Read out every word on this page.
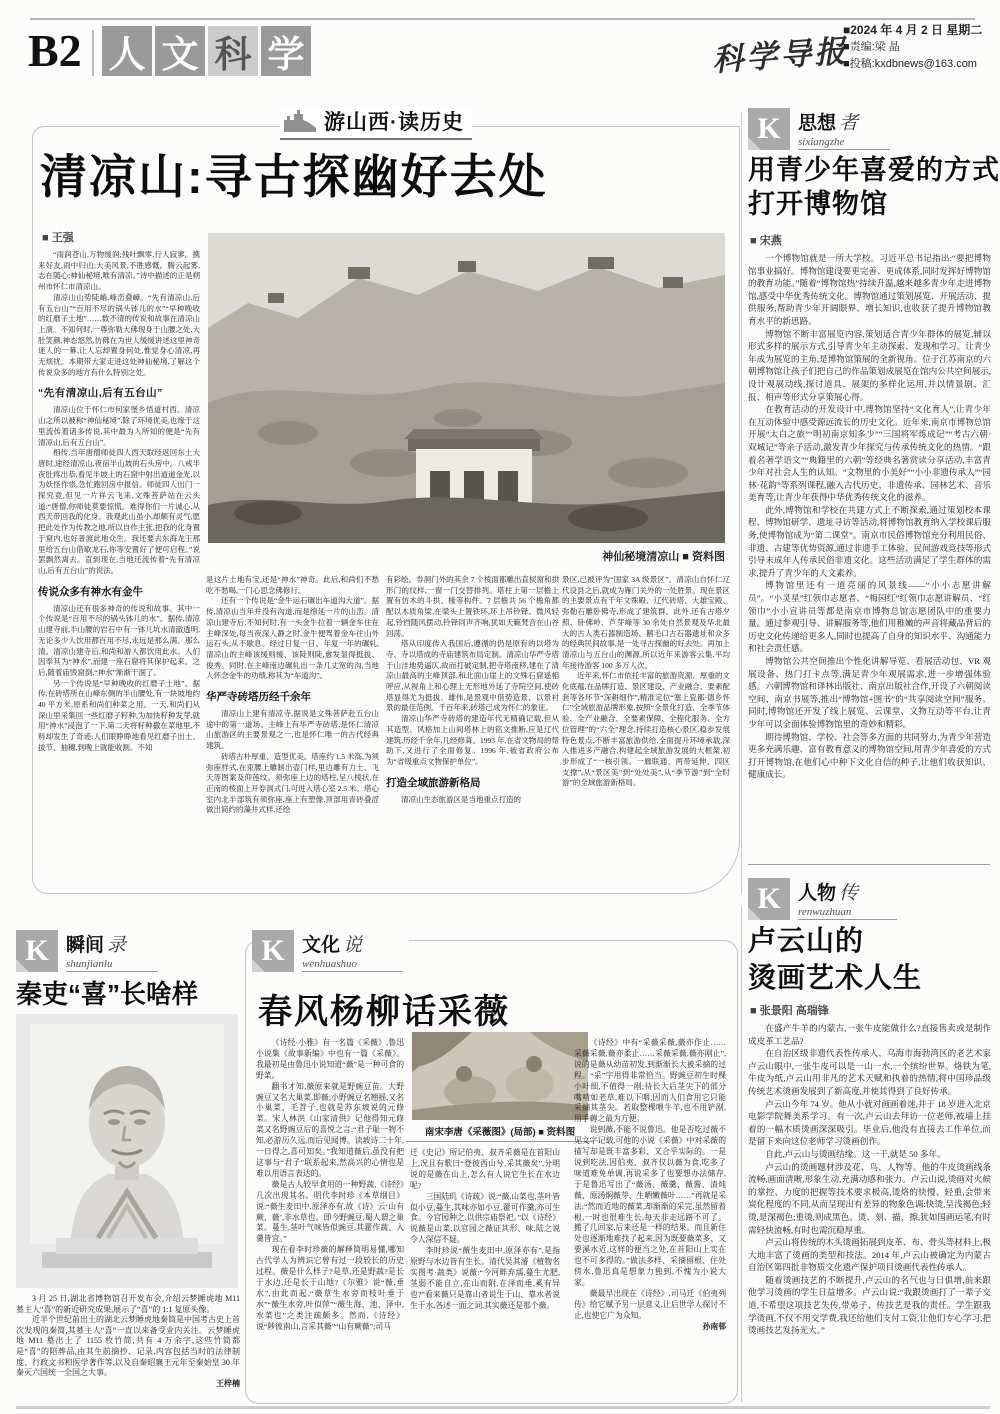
B2 人 文 科 学	科学导报
■2024 年 4 月 2 日 星期二
■责编:梁 晶
■投稿:kxdbnews@163.com
游山西·读历史
清凉山:寻古探幽好去处
■ 王强
神仙秘境清凉山 ■ 资料图

“雨润苍山,万物缓润;残叶飘零,行人寂寥。携来好友,雨中归山;大美风景,不胜感慨。腾云起雾,志在随心;神仙秘境,唯有清凉。”诗中描述的正是朔州市怀仁市清凉山。

清凉山山势陡峭,峰峦叠嶂。“先有清凉山,后有五台山”“百用不尽的锅头钵儿的水”“早种晚收的红磨子土地”……数不清的传说和故事在清凉山上演。不知何时,一尊弥勒大佛现身于山腰之处,大肚笑颜,神态悠然,仿佛在为世人缓缓讲述这里神奇迷人的一幕,让人忘却置身何处,惟觉身心清凉,再无烦扰。本期带大家走进这处神仙秘境,了解这个传说众多的地方有什么特别之处。

“先有清凉山,后有五台山”

清凉山位于怀仁市何家堡乡悟道村西。清凉山之所以被称“神仙秘境”,除了环境优美,也缘于这里流传着诸多传说,其中最为人所知的便是“先有清凉山,后有五台山”。

相传,当年唐僧师徒四人西天取经返回东土大唐时,途经清凉山,夜宿半山坡的石头房中。八戒半夜肚疼出恭,看见半坡上的石窟中射出道道金光,以为妖怪作祟,急忙跑回房中报信。师徒四人出门一探究竟,但见一片祥云飞来,文殊菩萨站在云头道:“唐僧,你师徒莫要惊慌。难得你们一片诚心,从西天带回我的化身。我观此山虽小,却颇有灵气,愿把此处作为传教之地,所以自作主张,把我的化身置于窟内,也好普渡此地众生。我还要去东海龙王那里给五台山借歇龙石,你等安置好了便可启程。”说罢飘然离去。直到现在,当地还流传着“先有清凉山,后有五台山”的说法。

传说众多有神水有金牛

清凉山还有很多神奇的传说和故事。其中一个传说是“百用不尽的锅头钵儿的水”。据传,清凉山建寺前,半山腰的岩石中有一钵儿坑水清澈透明,无论多少人饮用都百用不尽,永远是那么满、那么清。清凉山建寺后,和尚和游人都饮用此水。人们因奉其为“神水”,而建一座石窟将其保护起来。之后,随着庙毁窟倒,“神水”渐渐干涸了。

另一个传说是“早种晚收的红磨子土地”。据传,在砖塔所在山峰东侧的半山腰处,有一块坡地约 40 平方米,原系和尚们种菜之用。一天,和尚们从深山里采集回一些红磨子籽种,为加快籽种发芽,就用“神水”浸泡了一下,第二天将籽种撒在菜地里,不料却发生了奇迹:人们眼睁睁地看见红磨子出土、拔节、抽穗,到晚上就能收割。不知

是这片土地有宝,还是“神水”神奇。此后,和尚们不愁吃不愁喝,一门心思念佛修行。

还有一个传说是“金牛运石碾出车道沟大道”。据传,清凉山当年并没有沟道,而是绵延一片的山峦。清凉山建寺后,不知何时,有一头金牛拉着一辆金车住在主峰深处,每当夜深人静之时,金牛便驾着金车往山外运石头,从不歇息。经过日复一日、年复一年的碾轧,清凉山的主峰该缓则缓、该陡则陡,愈发显得挺拔、俊秀。同时,在主峰南边碾轧出一条几丈宽的沟,当地人怀念金牛的功绩,称其为“车道沟”。

华严寺砖塔历经千余年

清凉山上建有清凉寺,据说是文殊菩萨赴五台山途中的第一道场。主峰上有华严寺砖塔,是怀仁清凉山旅游区的主要景观之一,也是怀仁唯一的古代经典建筑。

砖塔古朴厚重、造型优美。塔座约 1.5 米高,为须弥座样式,在束腰上雕制出壶门样,里边雕有力士、飞天等图案及仰莲纹。须弥座上边的塔柱,呈八棱状,在正南的棱面上开券洞式门,可进入塔心室 2.5 米。塔心室内北半部筑有须弥座,座上有塑像,顶部用青砖叠涩做出简约的藻井式样,还绘

有彩绘。券洞门外的其余 7 个棱面都雕出直棂窗和拱形门的纹样,一窗一门交替排列。塔柱上第一层檐上置有仿木的斗拱、椽等构件。7 层檐共 56 个檐角都配以木质角梁,在梁头上置铁环,环上吊铃铎。微风轻起,铃铛随风摆动,铃铎同声齐响,犹如天籁梵音在山谷回荡。

塔从印度传入我国后,遵循的仍是原有的以塔为寺、寺以塔成的寺庙建筑布局定制。清凉山华严寺塔于山洼地势逼仄,故而打破定制,把寺塔南移,建在了清凉山最高的主峰顶部,和北面山崖上的文殊石窟遥相呼应,从视角上和心理上无形地外延了寺院空间,使砖塔显得尤为挺拔、雄伟,是景观中借势造景、以景衬景的最佳范例。千百年来,砖塔已成为怀仁的象征。

清凉山华严寺砖塔的建造年代无精确记载,但从其造型、风格加上山间塔林上的铭文推断,应是辽代建筑,历经千余年,几经修葺。1993 年,在省文物局的帮助下,又进行了全面修复。1996 年,被省政府公布为“省级重点文物保护单位”。

打造全域旅游新格局

清凉山生态旅游区是当地重点打造的

景区,已被评为“国家 3A 级景区”。清凉山自怀仁辽代设县之后,就成为雁门关外的一处胜景。现在景区的主要景点有千年文殊殿、辽代砖塔、大雄宝殿、弥勒石雕卧佛寺,形成了建筑群。此外,还有古塔夕照、卧佛岭、芦芽峰等 30 余处自然景观及华北最大的古人类石器制造场、鹅毛口古石器遗址和众多的经典民间故事,是一处寻古探幽的好去处。再加上清凉山与五台山的渊源,所以近年来游客云集,平均年接待游客 100 多万人次。

近年来,怀仁市依托丰富的旅游资源、厚重的文化底蕴,在品牌打造、景区建设、产业融合、要素配套等各环节“深耕细作”,精准定位“塞上瓷都·德乡怀仁”全域旅游品牌形象,按照“全景化打造、全季节体验、全产业融合、全要素保障、全程化服务、全方位管理”的“六全”理念,持续打造核心景区,稳步发展特色景点,不断丰富旅游供给,全面提升环境承载,深入推进多产融合,构建起全域旅游发展的大框架,初步形成了“一核引领、一廊联通、两带延伸、四区支撑”,从“景区美”到“处处美”,从“季节游”到“全时游”的全域旅游新格局。

K 思想 者
sixiangzhe
用青少年喜爱的方式
打开博物馆
■ 宋燕

一个博物馆就是一所大学校。习近平总书记指出:“要把博物馆事业搞好。博物馆建设要更完善、更成体系,同时发挥好博物馆的教育功能。”随着“博物馆热”持续升温,越来越多青少年走进博物馆,感受中华优秀传统文化。博物馆通过策划展览、开展活动、提供服务,帮助青少年开阔眼界、增长知识,也收获了提升博物馆教育水平的新思路。

博物馆不断丰富展览内容,策划适合青少年群体的展览,辅以形式多样的展示方式,引导青少年主动探索、发现和学习。让青少年成为展览的主角,是博物馆策展的全新视角。位于江苏南京的六朝博物馆让孩子们把自己的作品策划成展览在馆内公共空间展示,设计观展动线,探讨道具、展架的多样化运用,并以情景剧、汇报、相声等形式分享策展心得。

在教育活动的开发设计中,博物馆坚持“文化育人”,让青少年在互动体验中感受源远流长的历史文化。近年来,南京市博物总馆开展“太白之旅”“明初南京知多少”“三国将军炼成记”“考古六朝·双城记”等亲子活动,激发青少年探究与传承传统文化的热情。“跟着名著学语文”“典籍里的六朝”等经典名著赏读分享活动,丰富青少年对社会人生的认知。“文物里的小美好”“小小非遗传承人”“园林·花韵”等系列课程,融入古代历史、非遗传承、园林艺术、音乐美育等,让青少年获得中华优秀传统文化的滋养。

此外,博物馆和学校在共建方式上不断探索,通过策划校本课程、博物馆研学、遗址寻访等活动,将博物馆教育纳入学校课后服务,使博物馆成为“第二课堂”。南京市民俗博物馆充分利用民俗、非遗、古建等优势资源,通过非遗手工体验、民间游戏竞技等形式引导未成年人传承民俗非遗文化。这些活动满足了学生群体的需求,提升了青少年的人文素养。

博物馆里还有一道亮丽的风景线——“小小志愿讲解员”。“小灵星”红领巾志愿者、“梅园红”红领巾志愿讲解员、“红领巾”小小宣讲员等都是南京市博物总馆志愿团队中的重要力量。通过参观引导、讲解服务等,他们用稚嫩的声音将藏品背后的历史文化传递给更多人,同时也提高了自身的知识水平、沟通能力和社会责任感。

博物馆公共空间推出个性化讲解导览、看展活动包、VR 观展设备、热门打卡点等,满足青少年观展需求,进一步增强体验感。六朝博物馆和译林出版社、南京出版社合作,开设了六朝阅读空间、南京书展等,推出“博物馆+图书”的“共享阅读空间”服务。同时,博物馆还开发了线上展览、云课堂、文物互动等平台,让青少年可以全面体验博物馆里的奇妙和精彩。

期待博物馆、学校、社会等多方面的共同努力,为青少年营造更多充满乐趣、富有教育意义的博物馆空间,用青少年喜爱的方式打开博物馆,在他们心中种下文化自信的种子,让他们收获知识、健康成长。

K 人物 传
renwuzhuan
卢云山的
烫画艺术人生
■ 张景阳 高瑞锋

在盛产牛羊的内蒙古,一张牛皮能做什么?直接售卖或是制作成皮革工艺品?

在自治区级非遗代表性传承人、乌海市海勃湾区的老艺术家卢云山眼中,一张牛皮可以是一山一水,一个缤纷世界。烙铁为笔,牛皮为纸,卢云山用非凡的艺术天赋和执着的热情,将中国珍品级传统艺术烫画发展到了新高度,并使其得到了良好传承。

卢云山今年 74 岁。他从小就对画画着迷,并于 18 岁进入北京电影学院舞美系学习。有一次,卢云山去拜访一位老师,被墙上挂着的一幅木质烫画深深吸引。毕业后,他没有直接去工作单位,而是留下来向这位老师学习烫画创作。

自此,卢云山与烫画结缘。这一干,就是 50 多年。

卢云山的烫画题材涉及花、鸟、人物等。他的牛皮烫画线条流畅,画面清晰,形象生动,充满动感和张力。卢云山说,烫画对火候的掌控、力度的把握等技术要求极高,烫烙的快慢、轻重,会带来炭化程度的不同,从而呈现出有差异的物象色调:快烫,呈浅褐色;轻烫,是深褐色;重烫,则成黑色。烫、刻、描、擦,犹如国画运笔,有时需轻快流畅,有时也需沉稳厚重。

卢云山将传统的木头烫画拓展到皮革、布、骨头等材料上,极大地丰富了烫画的类型和技法。2014 年,卢云山被确定为内蒙古自治区第四批非物质文化遗产保护项目烫画代表性传承人。

随着烫画技艺的不断提升,卢云山的名气也与日俱增,前来跟他学习烫画的学生日益增多。卢云山说:“我跟烫画打了一辈子交道,不希望这项技艺失传,带弟子、传技艺是我的责任。学生跟我学烫画,不仅不用交学费,我还给他们支付工资,让他们专心学习,把烫画技艺发扬光大。”

K 瞬间 录
shunjianlu
秦吏“喜”长啥样

3 月 25 日,湖北省博物馆召开发布会,介绍云梦睡虎地 M11 墓主人“喜”的新近研究成果,展示了“喜”的 1:1 复原头像。

近半个世纪前出土的湖北云梦睡虎地秦简是中国考古史上首次发现的秦简,其墓主人“喜”一直以来备受业内关注。云梦睡虎地 M11 墓出土了 1155 枚竹简,共有 4 万余字,这些竹简都是“喜”的陪葬品,由其生前摘抄、记录,内容包括当时的法律制度、行政文书和医学著作等,以及自秦昭襄王元年至秦始皇 30 年秦灭六国统一全国之大事。

王梓楠

K 文化 说
wenhuashuo
春风杨柳话采薇

《诗经·小雅》有一名篇《采薇》,鲁迅小说集《故事新编》中也有一篇《采薇》。我最初是由鲁迅小说知道“薇”是一种可食的野菜。

翻书才知,薇原来就是野豌豆苗。大野豌豆又名大巢菜,即薇;小野豌豆名翘摇,又名小巢菜、毛苕子,也就是苏东坡说的元修菜。宋人林洪《山家清供》记他得知元修菜又名野豌豆后的喜悦之言:“君子耻一物不知,必游历久远,而后见闻博。读坡诗二十年,一日得之,喜可知矣。”我知道薇后,虽没有把这事与“君子”联系起来,然高兴的心情也是难以用语言表达的。

薇是古人较早食用的一种野蔬,《诗经》几次出现其名。明代李时珍《本草纲目》说:“薇生麦田中,原泽亦有,故《诗》云‘山有蕨、薇’,非水草也。即今野豌豆,蜀人谓之巢菜。蔓生,茎叶气味皆似豌豆,其藿作蔬、入羹皆宜。”

现在看李时珍薇的解释简明易懂,哪知古代学人为辨识它曾有过一段较长的历史过程。薇是什么样子?是草,还是野蔬?是长于水边,还是长于山地?《尔雅》说“薇,垂水”,由此而起,“薇草生水旁而枝叶垂于水”“薇生水旁,叶似萍”“薇生海、池、泽中,水菜也”之类注疏颇多。然而,《诗经》说“陟彼南山,言采其薇”“山有蕨薇”;司马

南宋李唐《采薇图》(局部) ■ 资料图

迁《史记》所记伯夷、叔齐采薇是在首阳山上,况且有歌曰“登彼西山兮,采其薇矣”,分明说的是薇在山上,怎么有人说它生长在水边呢?

三国陆玑《诗疏》说:“薇,山菜也,茎叶皆似小豆,蔓生,其味亦如小豆,藿可作羹,亦可生食。今官园种之,以供宗庙祭祀。”以《诗经》说薇是山菜,以官园之薇证其形、味,陆之说令人深信不疑。

李时珍说“薇生麦田中,原泽亦有”,是指原野与水边皆有生长。清代吴其濬《植物名实图考·蔬类》说薇:“今河畔弃壖,蔓生尤肥,茎弱不能自立,在山而附,在泽而垂,奚有异也?”看来薇只是靠山者说生于山、靠水者说生于水,各述一面之词,其实薇还是那个薇。

《诗经》中有“采薇采薇,薇亦作止……采薇采薇,薇亦柔止……采薇采薇,薇亦刚止”,说的是薇从幼苗初发,到渐渐长大被采摘的过程。“采”字用得非常恰当。野豌豆初生时棵小叶细,不值得一剐;待长大后茎尖下的部分嘴啃如老草,难以下咽,因而人们食用它只能采摘其茎尖。若取整棵喂牛羊,也不用铲剐,用手薅之最为方便。

说到薇,不能不说鲁迅。他是否吃过薇不见文字记载,可他的小说《采薇》中对采薇的描写却是既丰富多彩、又合乎实际的。一是说到吃法,因伯夷、叔齐仅以薇为食,吃多了味道难免单调,再说采多了也要想办法储存,于是鲁迅写出了“薇汤、薇羹、薇酱、清炖薇、原汤焖薇芽、生晒嫩薇叶……”再就是采法:“然而近地的薇菜,却渐渐的采完,虽然留着根,一时也很难生长,每天非走远路不可了。搬了几回家,后来还是一样的结果。而且新住处也逐渐地难找了起来,因为既要薇菜多、又要溪水近,这样的便当之处,在首阳山上实在也不可多得的。”做法多样、采摘留根、住处傍水,鲁迅真是想象力独到,不愧为小说大家。

薇最早出现在《诗经》,司马迁《伯夷列传》给它赋予另一层意义,让后世学人探讨不止,也使它广为众知。

孙南邨
